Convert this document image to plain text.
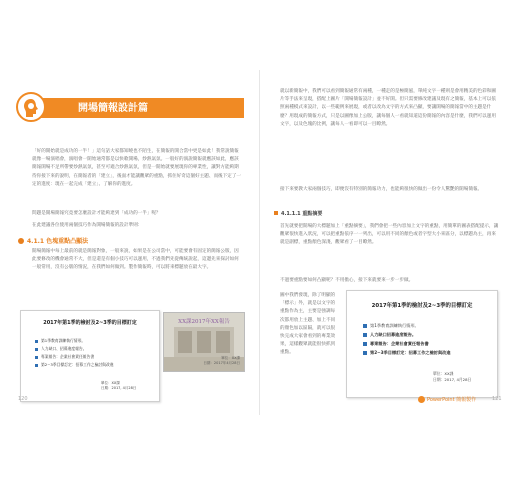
開場簡報設計篇
「好的開始就是成功的一半！」這句話大家都知曉也不陌生，在簡報的開合當中更是如此！我常說簡報就像一場演唱會，演唱會一開始通常都是以快歌開場，炒熱氣氛。一般好的演說簡報就應該如此，應該簡報開場不足所帶要炒熱氣氛，甚至可適合炒熱氣氛，但是一開始就要展現你的專業性，讓對方能夠期待你接下來的說明，在簡報者的「建立」，後面才能讓觀眾的重點，抓住好奇這個好主題、而後下定了一定的進度：現在一起完成「建立」、了解你的進度。
問題是開場簡報究竟要怎麼設計才能夠達到「成功的一半」呢？
在此建議各位使用兩個技巧作為開場簡報的設計準則：
4.1.1 色塊重點凸顯法
開場簡報中每上最前的就是簡報對象，一般來說，如果是在公司當中，可能要會有固定的簡報公版，因此要修改的機會通常不大，但是還是有個小技巧可以運用，不過我們先從傳統說起，這邊先來探討如何一般常用，沒有公版的情況，在我們如何做到。製作簡報時，可以將來標題放在最大字。
2017年第1季的檢討及2~3季的目標訂定
第1季教育訓練執行情形。
人力缺口、招募進度報告。
專案報告：企業社會責任報告書
第2~3季目標訂定：招募工作之檢討與改進
單位：XX課
日期：2017, 4月28日
XX課2017年XX報告
單位：XX課
日期：2017年4月28日
120
就以新簡報中，我們可以看到簡報通常有兩種，一種走的是極簡風，單純文字一種則是會用精美的色彩和圖片等手法來呈現，搭配上圖片「開場簡報設計」並不好開。但只需要修改建議及現有之簡報，基本上可以依照兩種模式來設計，以一些範例來展現，或者以改為文字的方式來凸顯，要讓開場的簡報當中的主題是什麼？用現成的簡報方式，只是以圖像加上公版，讓每個人一看就知道這份簡報的內容是什麼，我們可以運用文字，以及色塊的比例，讓每人一看即可以一目瞭然。
接下來要教大家兩個技巧，即便沒有特別的簡報功力，也能夠很快的做出一份令人驚艷的開場簡報。
4.1.1.1 重點摘要
首先就要把開場的大標題加上「重點摘要」，我們會把一些內容加上文字的重點，用簡單的圖表搭配提示，讓觀眾很快進入狀況，可以把重點依序一一列出，可以用不同的顏色或者字型大小來區分，以標題為主，再來就是副標，重點顏色深淺，觀眾看了一目瞭然。
不過要重點要如何凸顯呢？不用擔心，接下來就要來一步一步做。
圖中我們發現，除了明顯的「標示」外，就是以文字的重點作為主，主要是強調每次都用放上主題、加上不同的顏色加以區隔，就可以很快完成大家會看到的專業效果，這樣觀眾就能很快抓到重點。
2017年第1季的檢討及2~3季的目標訂定
第1季教育訓練執行情形。
人力缺口招募進度報告。
專案報告：企業社會責任報告書
第2~3季目標訂定：招募工作之檢討與改進
單位：XX課
日期：2017, 4月28日
PowerPoint 簡報製作	121
